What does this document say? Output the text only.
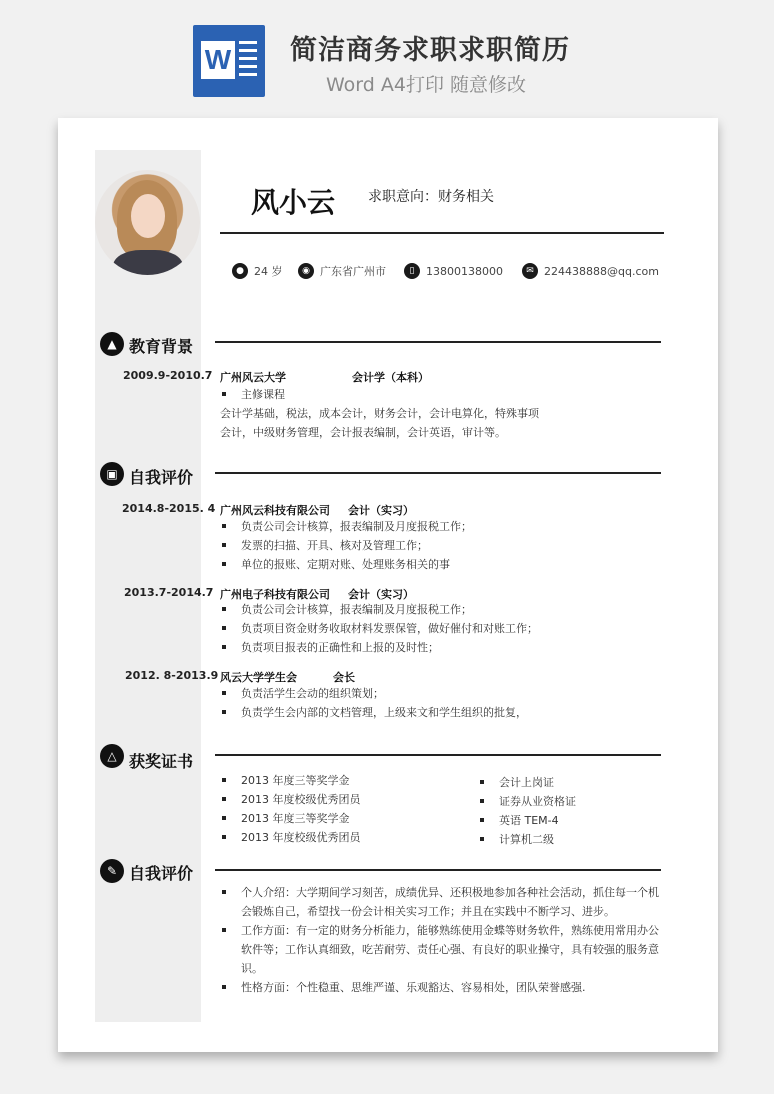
W 简洁商务求职求职简历
Word A4打印 随意修改
风小云 求职意向：财务相关
● 24 岁	◉ 广东省广州市	▯	13800138000	✉ 224438888@qq.com
▲ 教育背景
2009.9-2010.7 广州风云大学	会计学（本科）
主修课程
会计学基础，税法，成本会计，财务会计，会计电算化，特殊事项
会计，中级财务管理，会计报表编制，会计英语，审计等。
▣ 自我评价
2014.8-2015. 4 广州风云科技有限公司 会计（实习）
负责公司会计核算，报表编制及月度报税工作；
发票的扫描、开具、核对及管理工作；
单位的报账、定期对账、处理账务相关的事
2013.7-2014.7 广州电子科技有限公司 会计（实习）
负责公司会计核算，报表编制及月度报税工作；
负责项目资金财务收取材料发票保管，做好催付和对账工作；
负责项目报表的正确性和上报的及时性；
2012. 8-2013.9 风云大学学生会	会长
负责活学生会动的组织策划；
负责学生会内部的文档管理，上级来文和学生组织的批复，
△ 获奖证书
2013 年度三等奖学金
2013 年度校级优秀团员
2013 年度三等奖学金
2013 年度校级优秀团员
会计上岗证
证券从业资格证
英语 TEM-4
计算机二级
✎ 自我评价
个人介绍：大学期间学习刻苦，成绩优异、还积极地参加各种社会活动，抓住每一个机会锻炼自己，希望找一份会计相关实习工作；并且在实践中不断学习、进步。
工作方面：有一定的财务分析能力，能够熟练使用金蝶等财务软件，熟练使用常用办公软件等；工作认真细致，吃苦耐劳、责任心强、有良好的职业操守，具有较强的服务意识。
性格方面：个性稳重、思维严谨、乐观豁达、容易相处，团队荣誉感强.
